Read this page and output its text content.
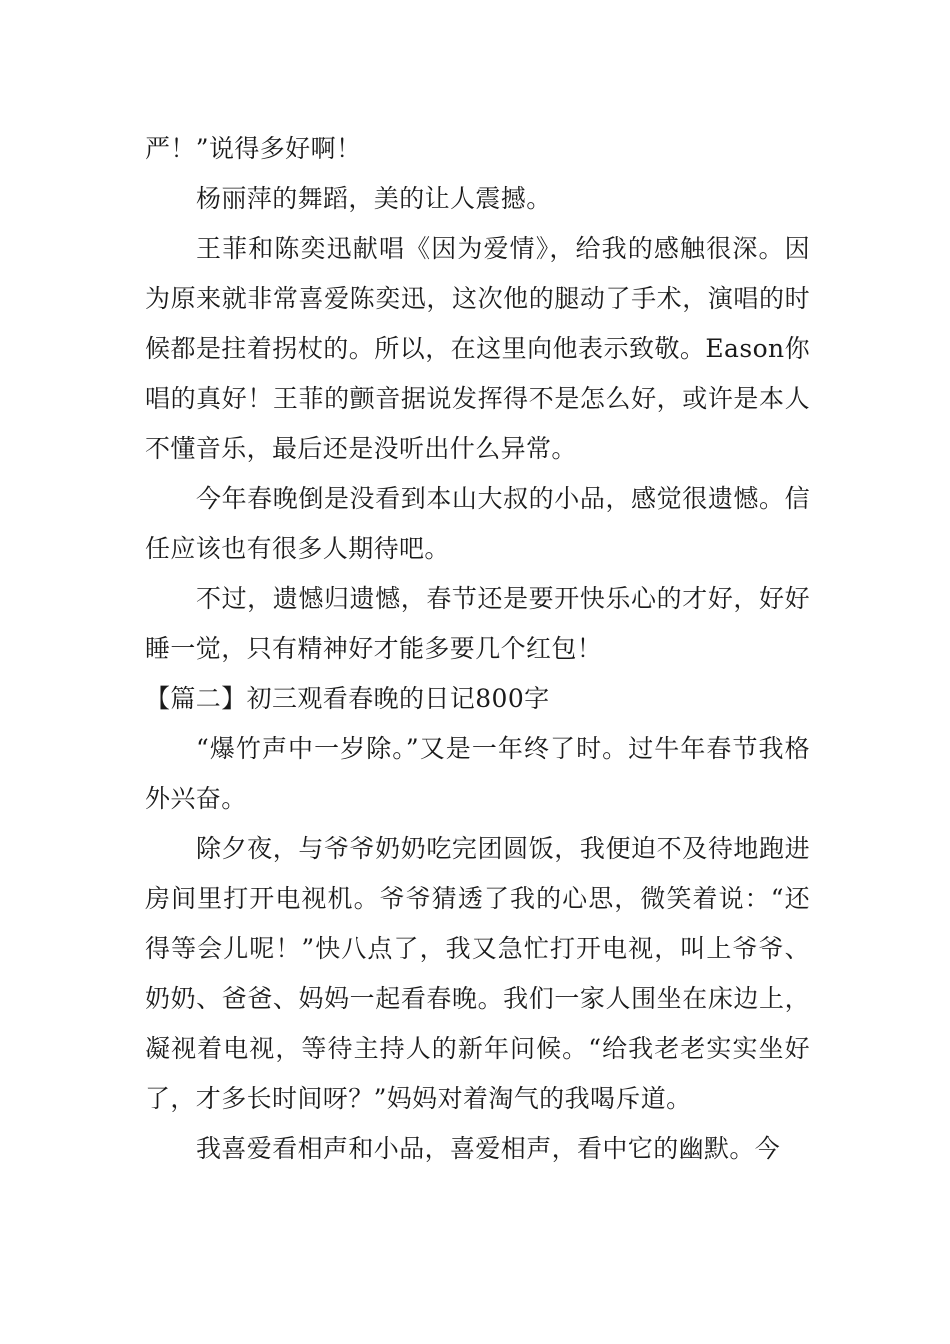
严！”说得多好啊！

杨丽萍的舞蹈，美的让人震撼。

王菲和陈奕迅献唱《因为爱情》，给我的感触很深。因为原来就非常喜爱陈奕迅，这次他的腿动了手术，演唱的时候都是拄着拐杖的。所以，在这里向他表示致敬。Eason你唱的真好！王菲的颤音据说发挥得不是怎么好，或许是本人不懂音乐，最后还是没听出什么异常。

今年春晚倒是没看到本山大叔的小品，感觉很遗憾。信任应该也有很多人期待吧。

不过，遗憾归遗憾，春节还是要开快乐心的才好，好好睡一觉，只有精神好才能多要几个红包！

【篇二】初三观看春晚的日记800字

“爆竹声中一岁除。”又是一年终了时。过牛年春节我格外兴奋。

除夕夜，与爷爷奶奶吃完团圆饭，我便迫不及待地跑进房间里打开电视机。爷爷猜透了我的心思，微笑着说：“还得等会儿呢！”快八点了，我又急忙打开电视，叫上爷爷、奶奶、爸爸、妈妈一起看春晚。我们一家人围坐在床边上，凝视着电视，等待主持人的新年问候。“给我老老实实坐好了，才多长时间呀？”妈妈对着淘气的我喝斥道。

我喜爱看相声和小品，喜爱相声，看中它的幽默。今
